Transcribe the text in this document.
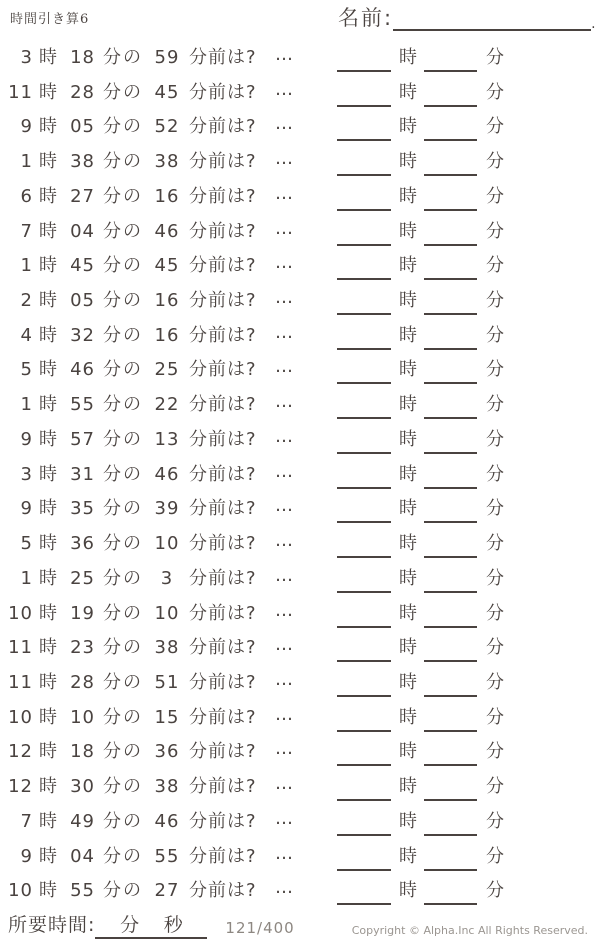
時間引き算6	名前:	.
3 時 18 分の 59 分前は?	…	時	分
11 時 28 分の 45 分前は?	…	時	分
9 時 05 分の 52 分前は?	…	時	分
1 時 38 分の 38 分前は?	…	時	分
6 時 27 分の 16 分前は?	…	時	分
7 時 04 分の 46 分前は?	…	時	分
1 時 45 分の 45 分前は?	…	時	分
2 時 05 分の 16 分前は?	…	時	分
4 時 32 分の 16 分前は?	…	時	分
5 時 46 分の 25 分前は?	…	時	分
1 時 55 分の 22 分前は?	…	時	分
9 時 57 分の 13 分前は?	…	時	分
3 時 31 分の 46 分前は?	…	時	分
9 時 35 分の 39 分前は?	…	時	分
5 時 36 分の 10 分前は?	…	時	分
1 時 25 分の 3 分前は?	…	時	分
10 時 19 分の 10 分前は?	…	時	分
11 時 23 分の 38 分前は?	…	時	分
11 時 28 分の 51 分前は?	…	時	分
10 時 10 分の 15 分前は?	…	時	分
12 時 18 分の 36 分前は?	…	時	分
12 時 30 分の 38 分前は?	…	時	分
7 時 49 分の 46 分前は?	…	時	分
9 時 04 分の 55 分前は?	…	時	分
10 時 55 分の 27 分前は?	…	時	分
所要時間: 分 秒	121/400	Copyright © Alpha.Inc All Rights Reserved.
